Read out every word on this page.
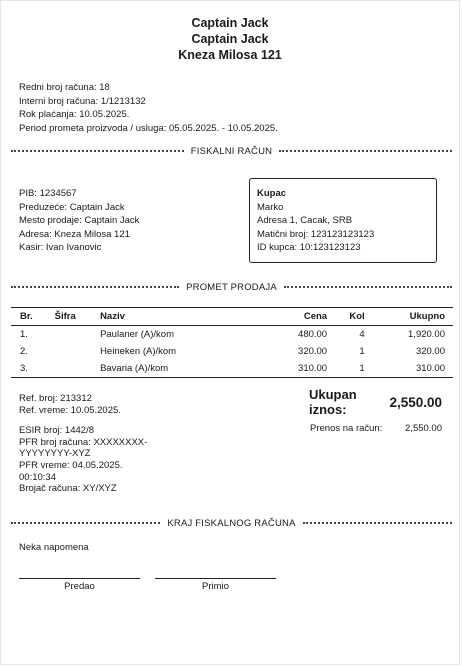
Captain Jack
Captain Jack
Kneza Milosa 121
Redni broj računa: 18
Interni broj računa: 1/1213132
Rok plaćanja: 10.05.2025.
Period prometa proizvoda / usluga: 05.05.2025. - 10.05.2025.
FISKALNI RAČUN
PIB: 1234567
Preduzeće: Captain Jack
Mesto prodaje: Captain Jack
Adresa: Kneza Milosa 121
Kasir: Ivan Ivanovic
Kupac
Marko
Adresa 1, Cacak, SRB
Matični broj: 123123123123
ID kupca: 10:123123123
PROMET PRODAJA
Br.	Šifra	Naziv	Cena	Kol	Ukupno
1.		Paulaner (A)/kom	480.00	4	1,920.00
2.		Heineken (A)/kom	320.00	1	320.00
3.		Bavaria (A)/kom	310.00	1	310.00
Ref. broj: 213312
Ref. vreme: 10.05.2025.
ESIR broj: 1442/8
PFR broj računa: XXXXXXXX-YYYYYYYY-XYZ
PFR vreme: 04.05.2025. 00:10:34
Brojač računa: XY/XYZ
Ukupan iznos:	2,550.00
Prenos na račun: 2,550.00
KRAJ FISKALNOG RAČUNA
Neka napomena
Predao	Primio
